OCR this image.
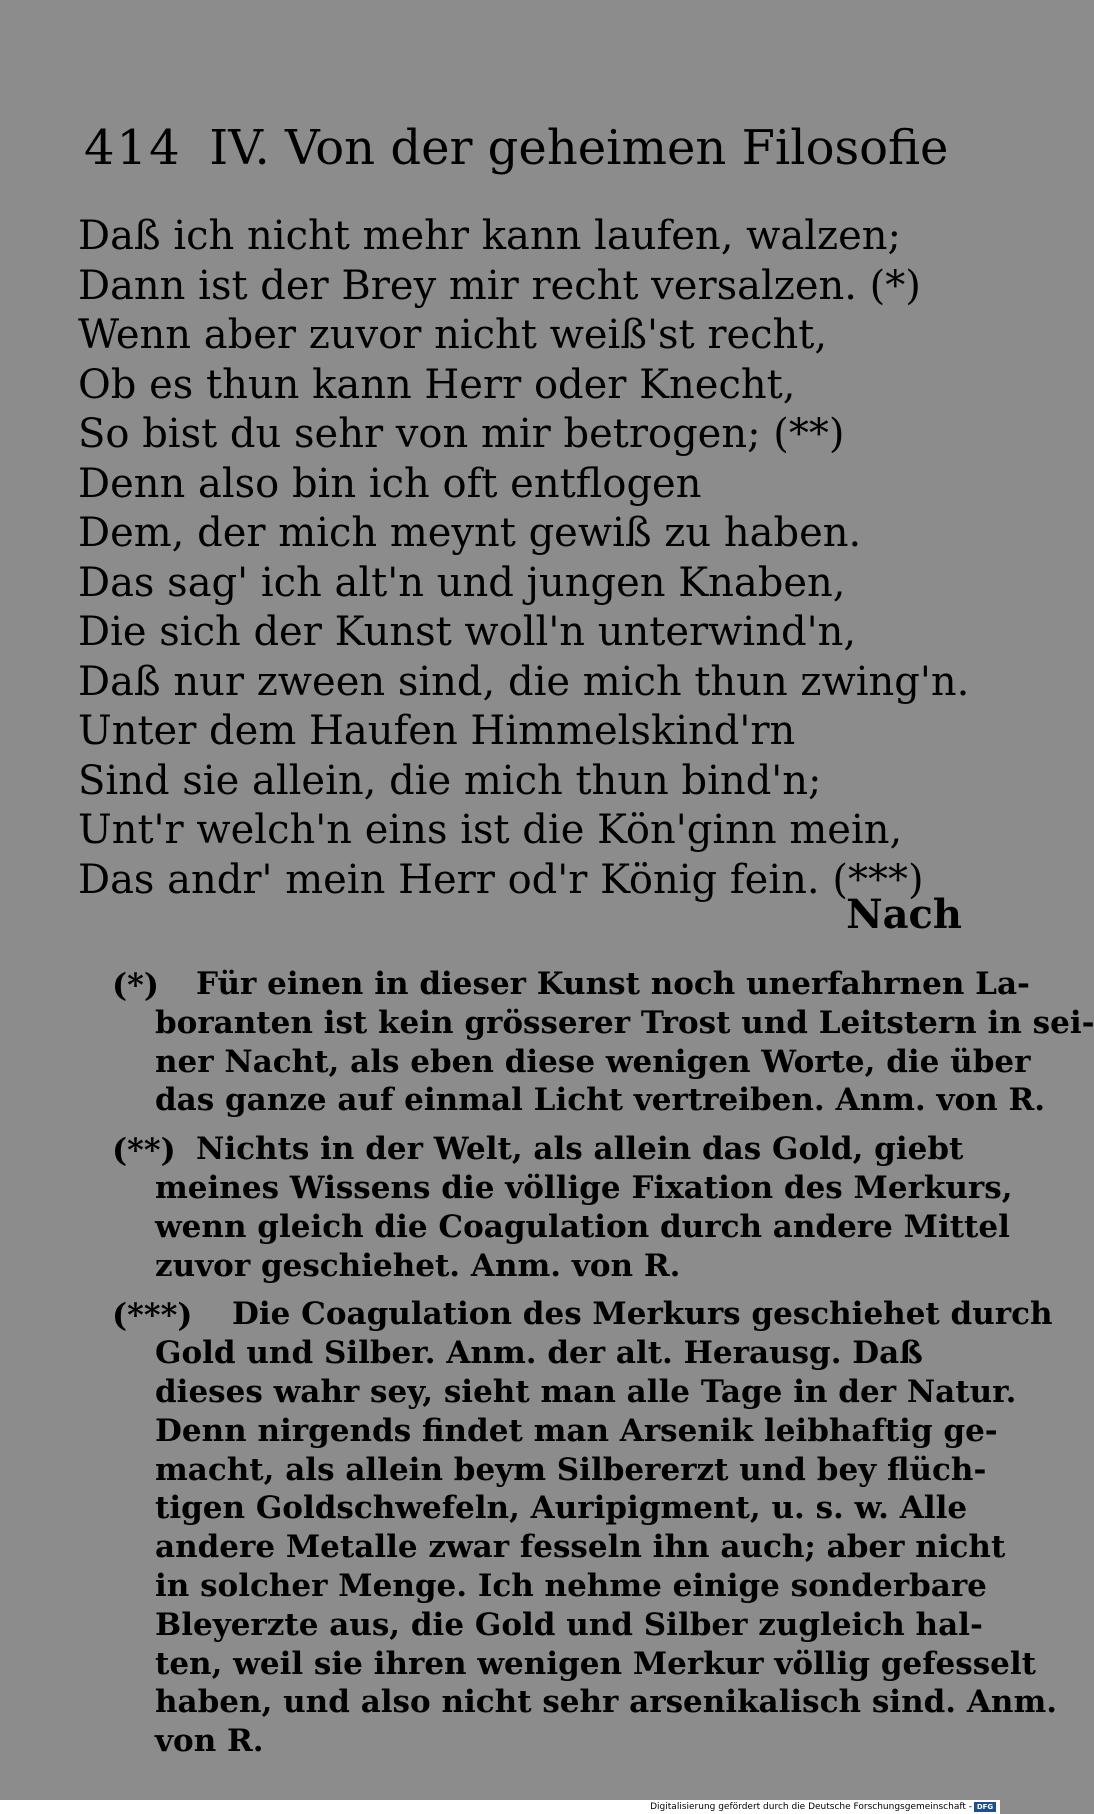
414 IV. Von der geheimen Filosofie
Daß ich nicht mehr kann laufen, walzen;
Dann ist der Brey mir recht versalzen. (*)
Wenn aber zuvor nicht weiß'st recht,
Ob es thun kann Herr oder Knecht,
So bist du sehr von mir betrogen; (**)
Denn also bin ich oft entflogen
Dem, der mich meynt gewiß zu haben.
Das sag' ich alt'n und jungen Knaben,
Die sich der Kunst woll'n unterwind'n,
Daß nur zween sind, die mich thun zwing'n.
Unter dem Haufen Himmelskind'rn
Sind sie allein, die mich thun bind'n;
Unt'r welch'n eins ist die Kön'ginn mein,
Das andr' mein Herr od'r König fein. (***)
Nach
(*)	Für einen in dieser Kunst noch unerfahrnen La-
boranten ist kein grösserer Trost und Leitstern in sei-
ner Nacht, als eben diese wenigen Worte, die über
das ganze auf einmal Licht vertreiben. Anm. von R.
(**) Nichts in der Welt, als allein das Gold, giebt
meines Wissens die völlige Fixation des Merkurs,
wenn gleich die Coagulation durch andere Mittel
zuvor geschiehet. Anm. von R.
(***)	Die Coagulation des Merkurs geschiehet durch
Gold und Silber. Anm. der alt. Herausg. Daß
dieses wahr sey, sieht man alle Tage in der Natur.
Denn nirgends findet man Arsenik leibhaftig ge-
macht, als allein beym Silbererzt und bey flüch-
tigen Goldschwefeln, Auripigment, u. s. w. Alle
andere Metalle zwar fesseln ihn auch; aber nicht
in solcher Menge. Ich nehme einige sonderbare
Bleyerzte aus, die Gold und Silber zugleich hal-
ten, weil sie ihren wenigen Merkur völlig gefesselt
haben, und also nicht sehr arsenikalisch sind. Anm.
von R.
Digitalisierung gefördert durch die Deutsche Forschungsgemeinschaft - DFG
